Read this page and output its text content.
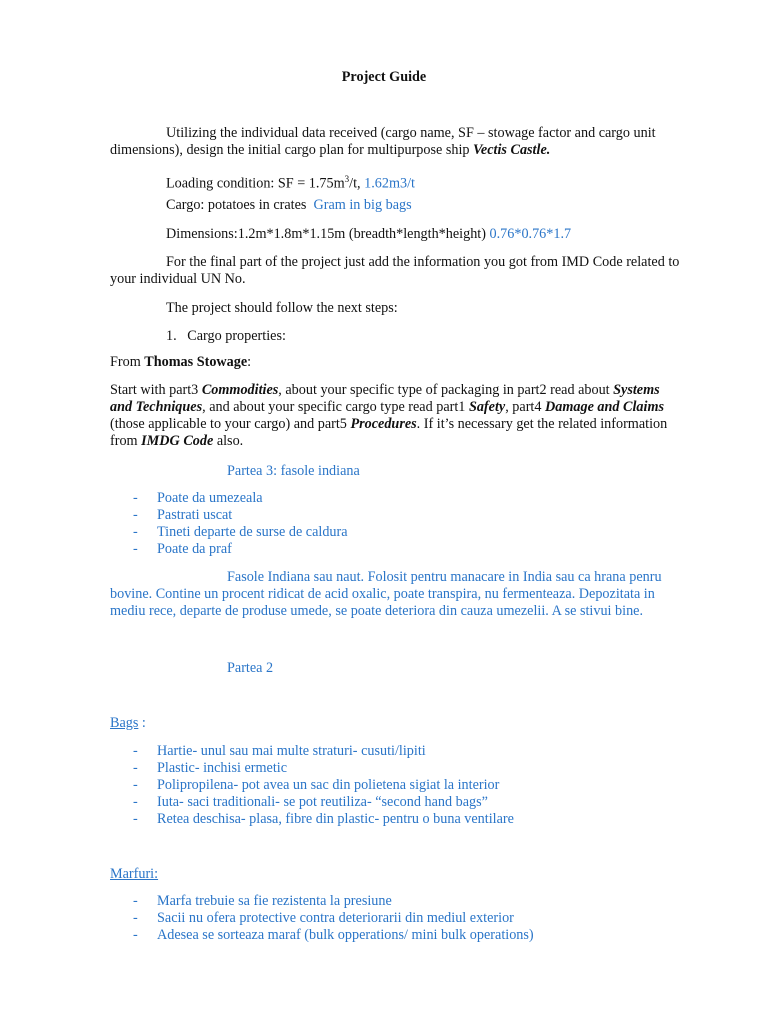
Project Guide
Utilizing the individual data received (cargo name, SF – stowage factor and cargo unit
dimensions), design the initial cargo plan for multipurpose ship Vectis Castle.
Loading condition: SF = $1.75m^3/t$, 1.62m3/t
Cargo: potatoes in crates Gram in big bags
Dimensions:1.2m*1.8m*1.15m (breadth*length*height) 0.76*0.76*1.7
For the final part of the project just add the information you got from IMD Code related to
your individual UN No.
The project should follow the next steps:
1.   Cargo properties:
From Thomas Stowage:
Start with part3 Commodities, about your specific type of packaging in part2 read about Systems
and Techniques, and about your specific cargo type read part1 Safety, part4 Damage and Claims
(those applicable to your cargo) and part5 Procedures. If it’s necessary get the related information
from IMDG Code also.
Partea 3: fasole indiana
- Poate da umezeala
- Pastrati uscat
- Tineti departe de surse de caldura
- Poate da praf
Fasole Indiana sau naut. Folosit pentru manacare in India sau ca hrana penru
bovine. Contine un procent ridicat de acid oxalic, poate transpira, nu fermenteaza. Depozitata in
mediu rece, departe de produse umede, se poate deteriora din cauza umezelii. A se stivui bine.
Partea 2
Bags :
- Hartie- unul sau mai multe straturi- cusuti/lipiti
- Plastic- inchisi ermetic
- Polipropilena- pot avea un sac din polietena sigiat la interior
- Iuta- saci traditionali- se pot reutiliza- “second hand bags”
- Retea deschisa- plasa, fibre din plastic- pentru o buna ventilare
Marfuri:
- Marfa trebuie sa fie rezistenta la presiune
- Sacii nu ofera protective contra deteriorarii din mediul exterior
- Adesea se sorteaza maraf (bulk opperations/ mini bulk operations)
